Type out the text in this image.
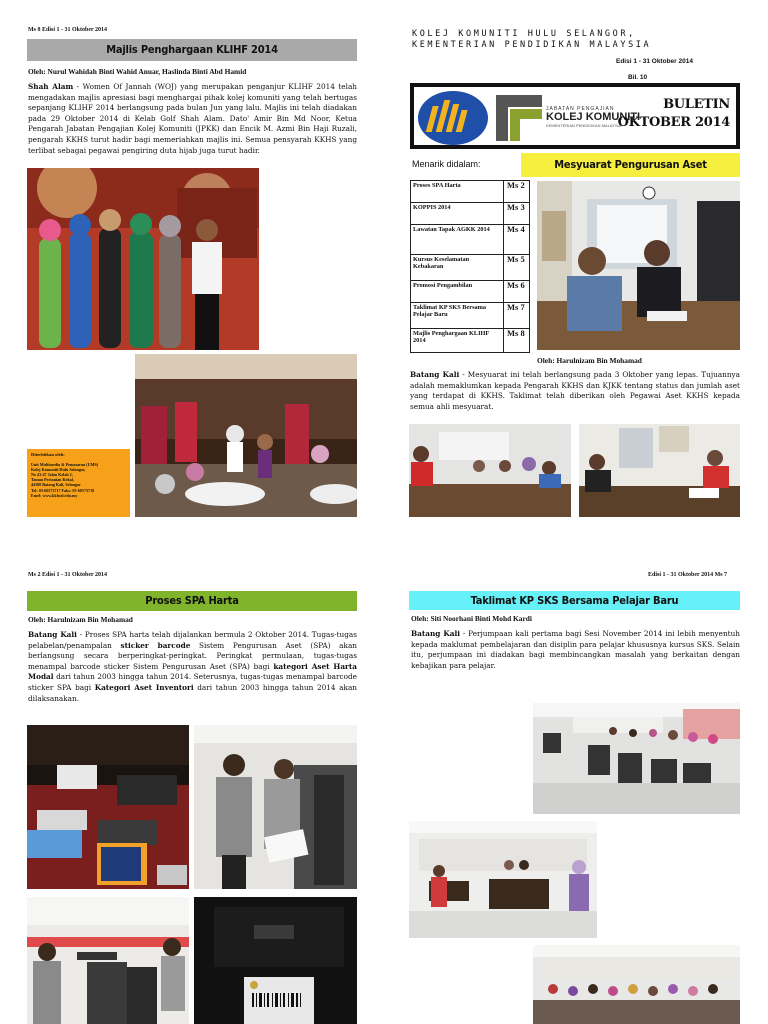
Ms 8 Edisi 1 - 31 Oktober 2014
Majlis Penghargaan KLIHF 2014
Oleh: Nurul Wahidah Binti Wahid Anuar, Haslinda Binti Abd Hamid
Shah Alam - Women Of Jannah (WOJ) yang merupakan penganjur KLIHF 2014 telah mengadakan majlis apresiasi bagi menghargai pihak kolej komuniti yang telah bertugas sepanjang KLIHF 2014 berlangsung pada bulan Jun yang lalu. Majlis ini telah diadakan pada 29 Oktober 2014 di Kelab Golf Shah Alam. Dato' Amir Bin Md Noor, Ketua Pengarah Jabatan Pengajian Kolej Komuniti (JPKK) dan Encik M. Azmi Bin Haji Ruzali, pengarah KKHS turut hadir bagi memeriahkan majlis ini. Semua pensyarah KKHS yang terlibat sebagai pegawai pengiring duta hijab juga turut hadir.
Diterbitkan oleh:
Unit Multimedia & Pemasaran (UMS)
Kolej Komuniti Hulu Selangor,
No 43-47 Jalan Kelah 2,
Taman Pertanian Kekal,
44300 Batang Kali, Selangor
Tel: 03-60573717 Faks: 03-60573718
Emel: www.kkhsel.edu.my
KOLEJ KOMUNITI HULU SELANGOR,
KEMENTERIAN PENDIDIKAN MALAYSIA
Edisi 1 - 31 Oktober 2014
Bil. 10
JABATAN PENGAJIAN
KOLEJ KOMUNITI
KEMENTERIAN PENDIDIKAN MALAYSIA
BULETIN
OKTOBER 2014
Menarik didalam:	Mesyuarat Pengurusan Aset
Proses SPA Harta	Ms 2
KOPPIS 2014	Ms 3
Lawatan Tapak AGKK 2014	Ms 4
Kursus Keselamatan Kebakaran	Ms 5
Promosi Pengambilan	Ms 6
Taklimat KP SKS Bersama Pelajar Baru	Ms 7
Majlis Penghargaan KLIHF 2014	Ms 8
Oleh: Harulnizam Bin Mohamad
Batang Kali - Mesyuarat ini telah berlangsung pada 3 Oktober yang lepas. Tujuannya adalah memaklumkan kepada Pengarah KKHS dan KJKK tentang status dan jumlah aset yang terdapat di KKHS. Taklimat telah diberikan oleh Pegawai Aset KKHS kepada semua ahli mesyuarat.
Ms 2 Edisi 1 - 31 Oktober 2014
Proses SPA Harta
Oleh: Harulnizam Bin Mohamad
Batang Kali - Proses SPA harta telah dijalankan bermula 2 Oktober 2014. Tugas-tugas pelabelan/penampalan sticker barcode Sistem Pengurusan Aset (SPA) akan berlangsung secara berperingkat-peringkat. Peringkat permulaan, tugas-tugas menampal barcode sticker Sistem Pengurusan Aset (SPA) bagi kategori Aset Harta Modal dari tahun 2003 hingga tahun 2014. Seterusnya, tugas-tugas menampal barcode sticker SPA bagi Kategori Aset Inventori dari tahun 2003 hingga tahun 2014 akan dilaksanakan.
Edisi 1 - 31 Oktober 2014 Ms 7
Taklimat KP SKS Bersama Pelajar Baru
Oleh: Siti Noorhani Binti Mohd Kardi
Batang Kali - Perjumpaan kali pertama bagi Sesi November 2014 ini lebih menyentuh kepada maklumat pembelajaran dan disiplin para pelajar khususnya kursus SKS. Selain itu, perjumpaan ini diadakan bagi membincangkan masalah yang berkaitan dengan kebajikan para pelajar.
